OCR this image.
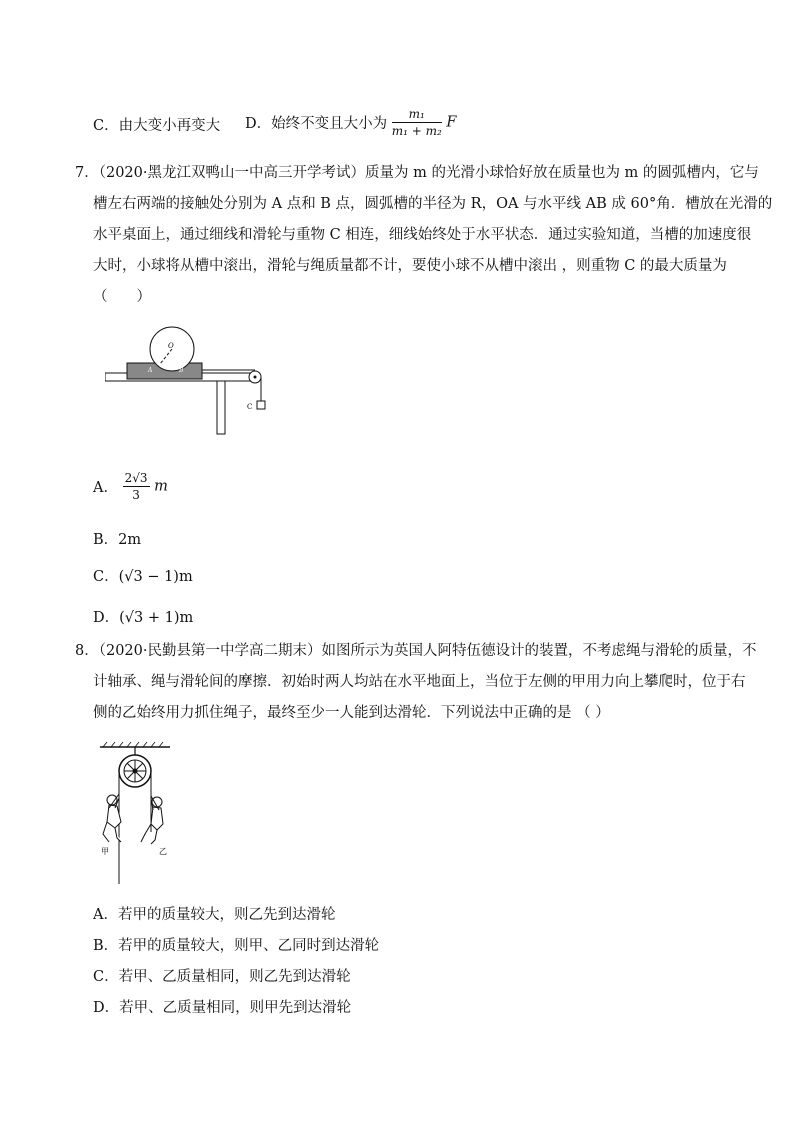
C．由大变小再变大 D．始终不变且大小为 $\frac{\text{m₁}}{\text{m₁ + m₂}}$ F
7．（2020·黑龙江双鸭山一中高三开学考试）质量为 m 的光滑小球恰好放在质量也为 m 的圆弧槽内，它与
槽左右两端的接触处分别为 A 点和 B 点，圆弧槽的半径为 R，OA 与水平线 AB 成 60°角．槽放在光滑的
水平桌面上，通过细线和滑轮与重物 C 相连，细线始终处于水平状态．通过实验知道，当槽的加速度很
大时，小球将从槽中滚出，滑轮与绳质量都不计，要使小球不从槽中滚出 ，则重物 C 的最大质量为
（　　）
O
A	B
C
A． $\frac{2√3}{3}$ m
B．2m
C．(√3 − 1)m
D．(√3 + 1)m
8．（2020·民勤县第一中学高二期末）如图所示为英国人阿特伍德设计的装置，不考虑绳与滑轮的质量，不
计轴承、绳与滑轮间的摩擦．初始时两人均站在水平地面上，当位于左侧的甲用力向上攀爬时，位于右
侧的乙始终用力抓住绳子，最终至少一人能到达滑轮．下列说法中正确的是 （ ）
甲	乙
A．若甲的质量较大，则乙先到达滑轮
B．若甲的质量较大，则甲、乙同时到达滑轮
C．若甲、乙质量相同，则乙先到达滑轮
D．若甲、乙质量相同，则甲先到达滑轮
